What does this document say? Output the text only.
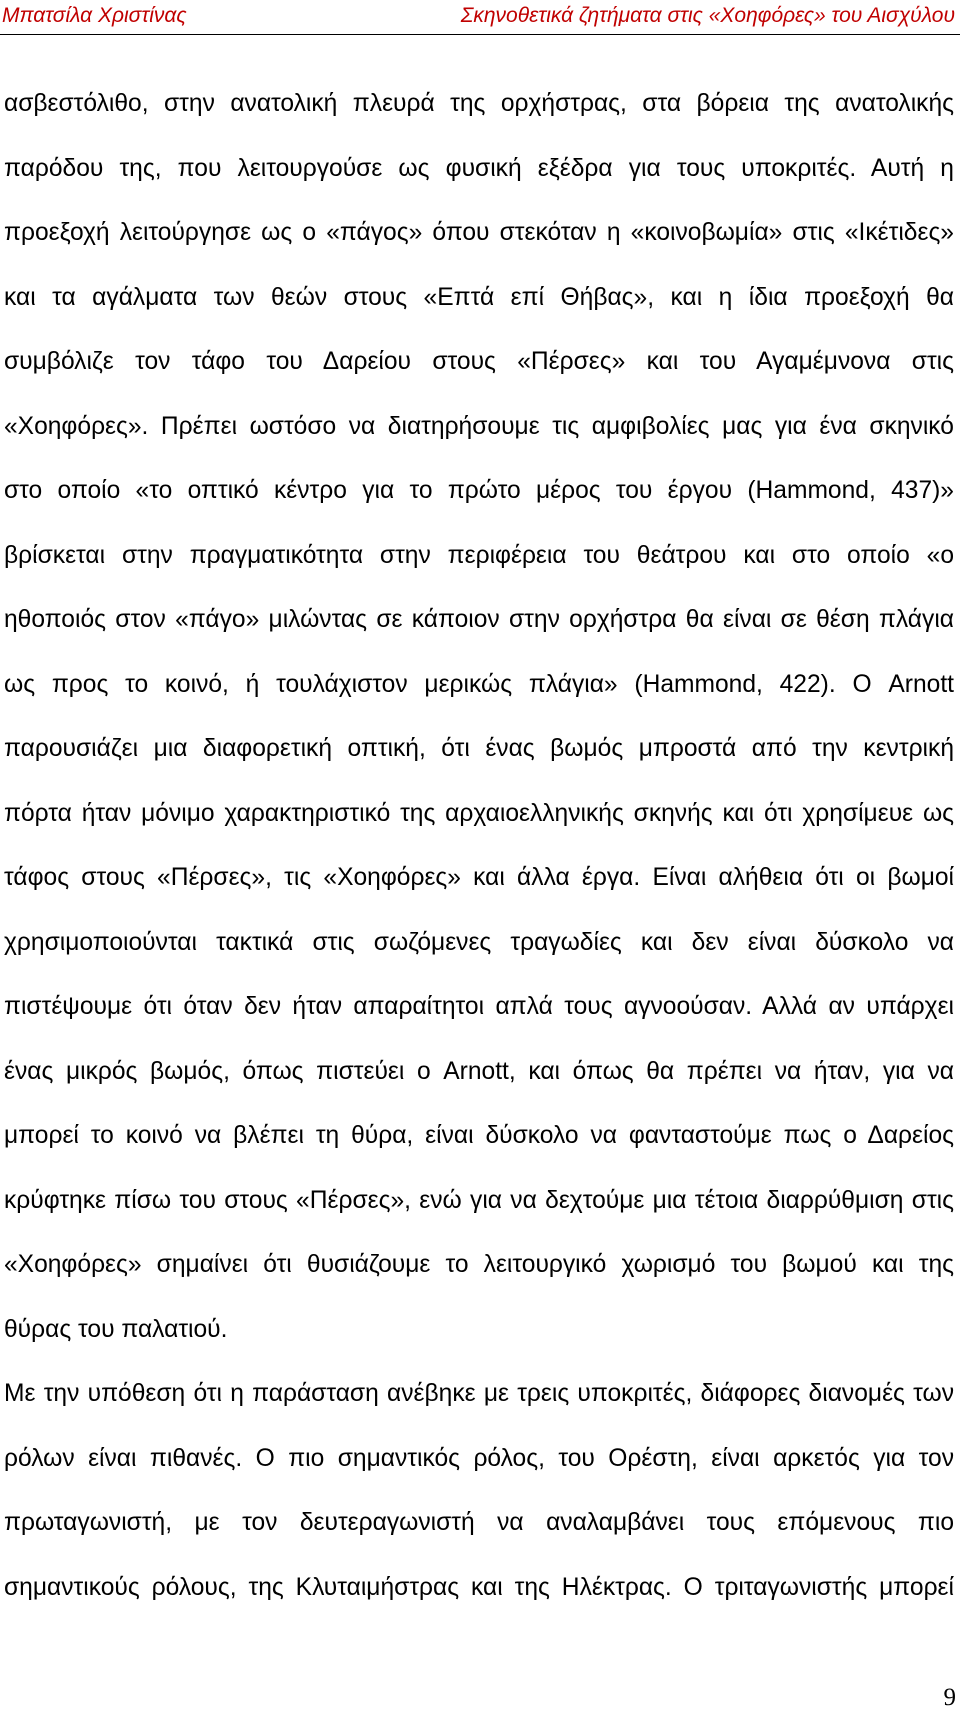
Μπατσίλα Χριστίνας	Σκηνοθετικά ζητήματα στις «Χοηφόρες» του Αισχύλου
ασβεστόλιθο, στην ανατολική πλευρά της ορχήστρας, στα βόρεια της ανατολικής
παρόδου της, που λειτουργούσε ως φυσική εξέδρα για τους υποκριτές. Αυτή η
προεξοχή λειτούργησε ως ο «πάγος» όπου στεκόταν η «κοινοβωμία» στις «Ικέτιδες»
και τα αγάλματα των θεών στους «Επτά επί Θήβας», και η ίδια προεξοχή θα
συμβόλιζε τον τάφο του Δαρείου στους «Πέρσες» και του Αγαμέμνονα στις
«Χοηφόρες». Πρέπει ωστόσο να διατηρήσουμε τις αμφιβολίες μας για ένα σκηνικό
στο οποίο «το οπτικό κέντρο για το πρώτο μέρος του έργου (Hammond, 437)»
βρίσκεται στην πραγματικότητα στην περιφέρεια του θεάτρου και στο οποίο «ο
ηθοποιός στον «πάγο» μιλώντας σε κάποιον στην ορχήστρα θα είναι σε θέση πλάγια
ως προς το κοινό, ή τουλάχιστον μερικώς πλάγια» (Hammond, 422). Ο Arnott
παρουσιάζει μια διαφορετική οπτική, ότι ένας βωμός μπροστά από την κεντρική
πόρτα ήταν μόνιμο χαρακτηριστικό της αρχαιοελληνικής σκηνής και ότι χρησίμευε ως
τάφος στους «Πέρσες», τις «Χοηφόρες» και άλλα έργα. Είναι αλήθεια ότι οι βωμοί
χρησιμοποιούνται τακτικά στις σωζόμενες τραγωδίες και δεν είναι δύσκολο να
πιστέψουμε ότι όταν δεν ήταν απαραίτητοι απλά τους αγνοούσαν. Αλλά αν υπάρχει
ένας μικρός βωμός, όπως πιστεύει ο Arnott, και όπως θα πρέπει να ήταν, για να
μπορεί το κοινό να βλέπει τη θύρα, είναι δύσκολο να φανταστούμε πως ο Δαρείος
κρύφτηκε πίσω του στους «Πέρσες», ενώ για να δεχτούμε μια τέτοια διαρρύθμιση στις
«Χοηφόρες» σημαίνει ότι θυσιάζουμε το λειτουργικό χωρισμό του βωμού και της
θύρας του παλατιού.
Με την υπόθεση ότι η παράσταση ανέβηκε με τρεις υποκριτές, διάφορες διανομές των
ρόλων είναι πιθανές. Ο πιο σημαντικός ρόλος, του Ορέστη, είναι αρκετός για τον
πρωταγωνιστή, με τον δευτεραγωνιστή να αναλαμβάνει τους επόμενους πιο
σημαντικούς ρόλους, της Κλυταιμήστρας και της Ηλέκτρας. Ο τριταγωνιστής μπορεί
9
